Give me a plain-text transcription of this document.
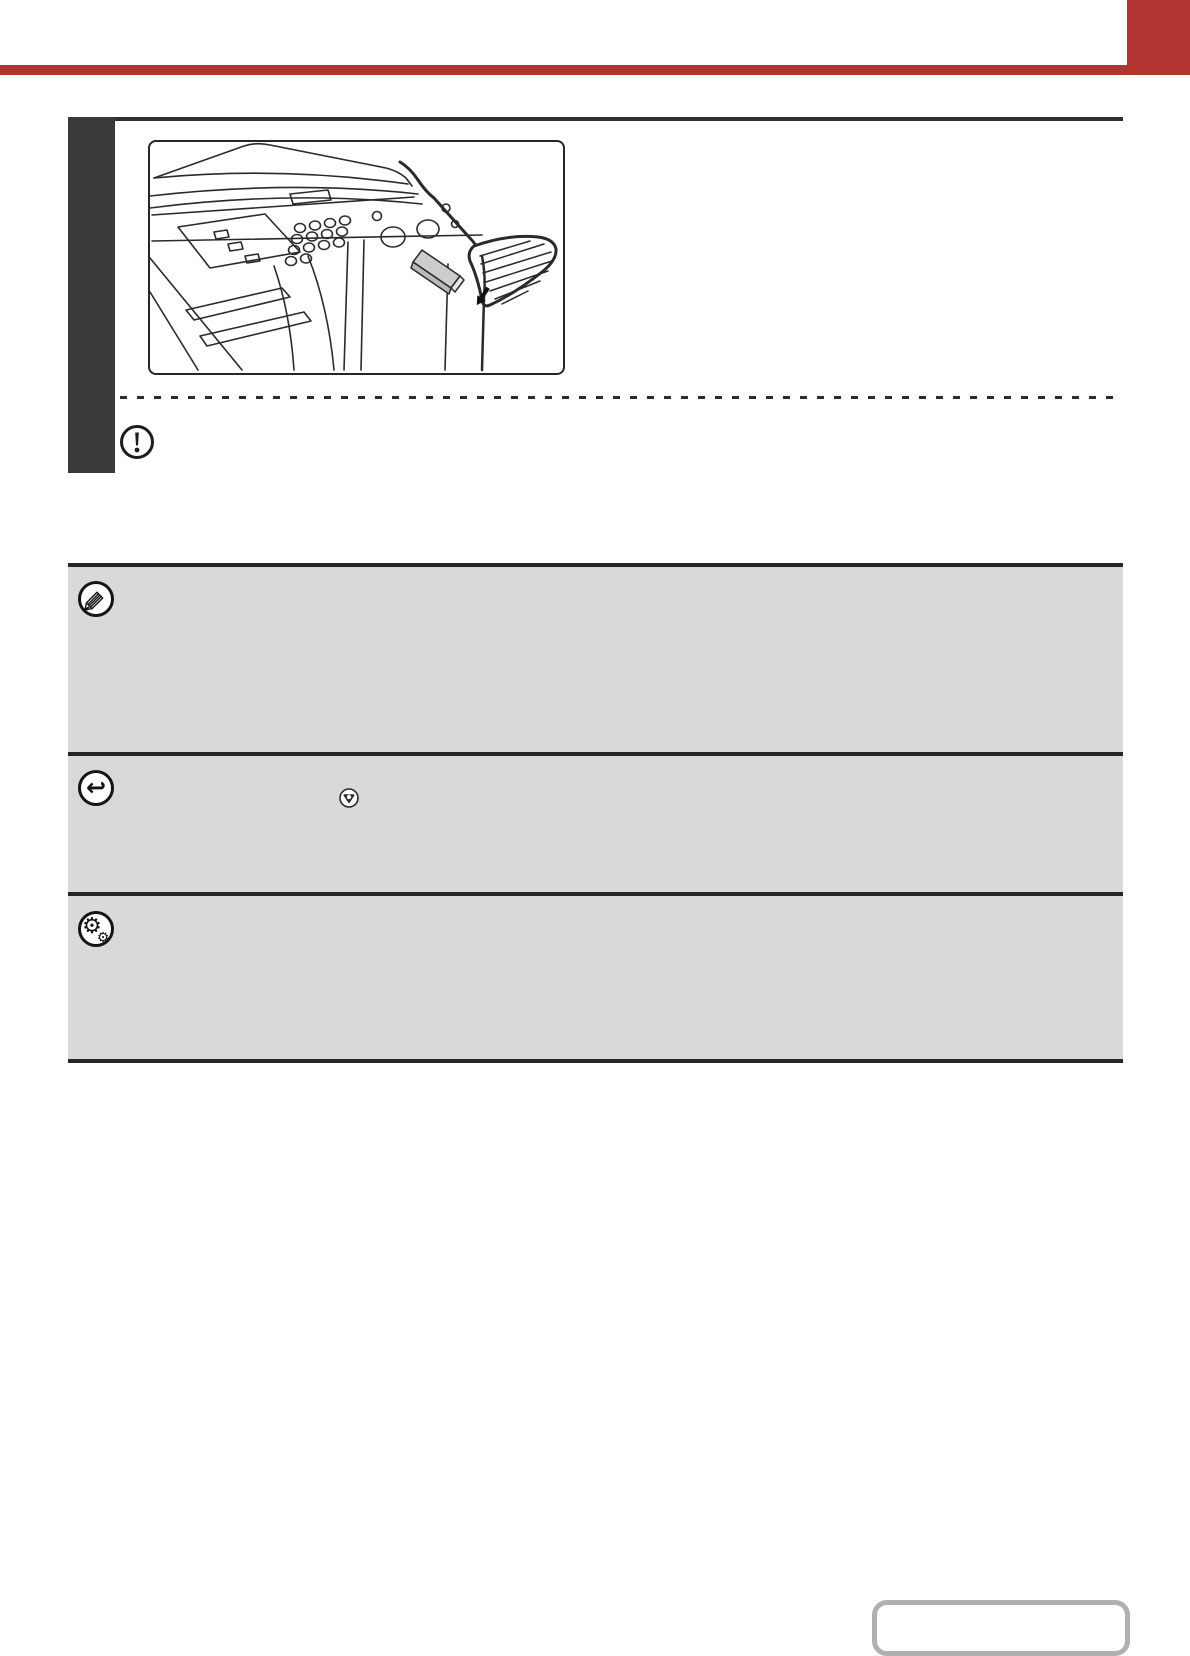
↩
⚙
⚙
